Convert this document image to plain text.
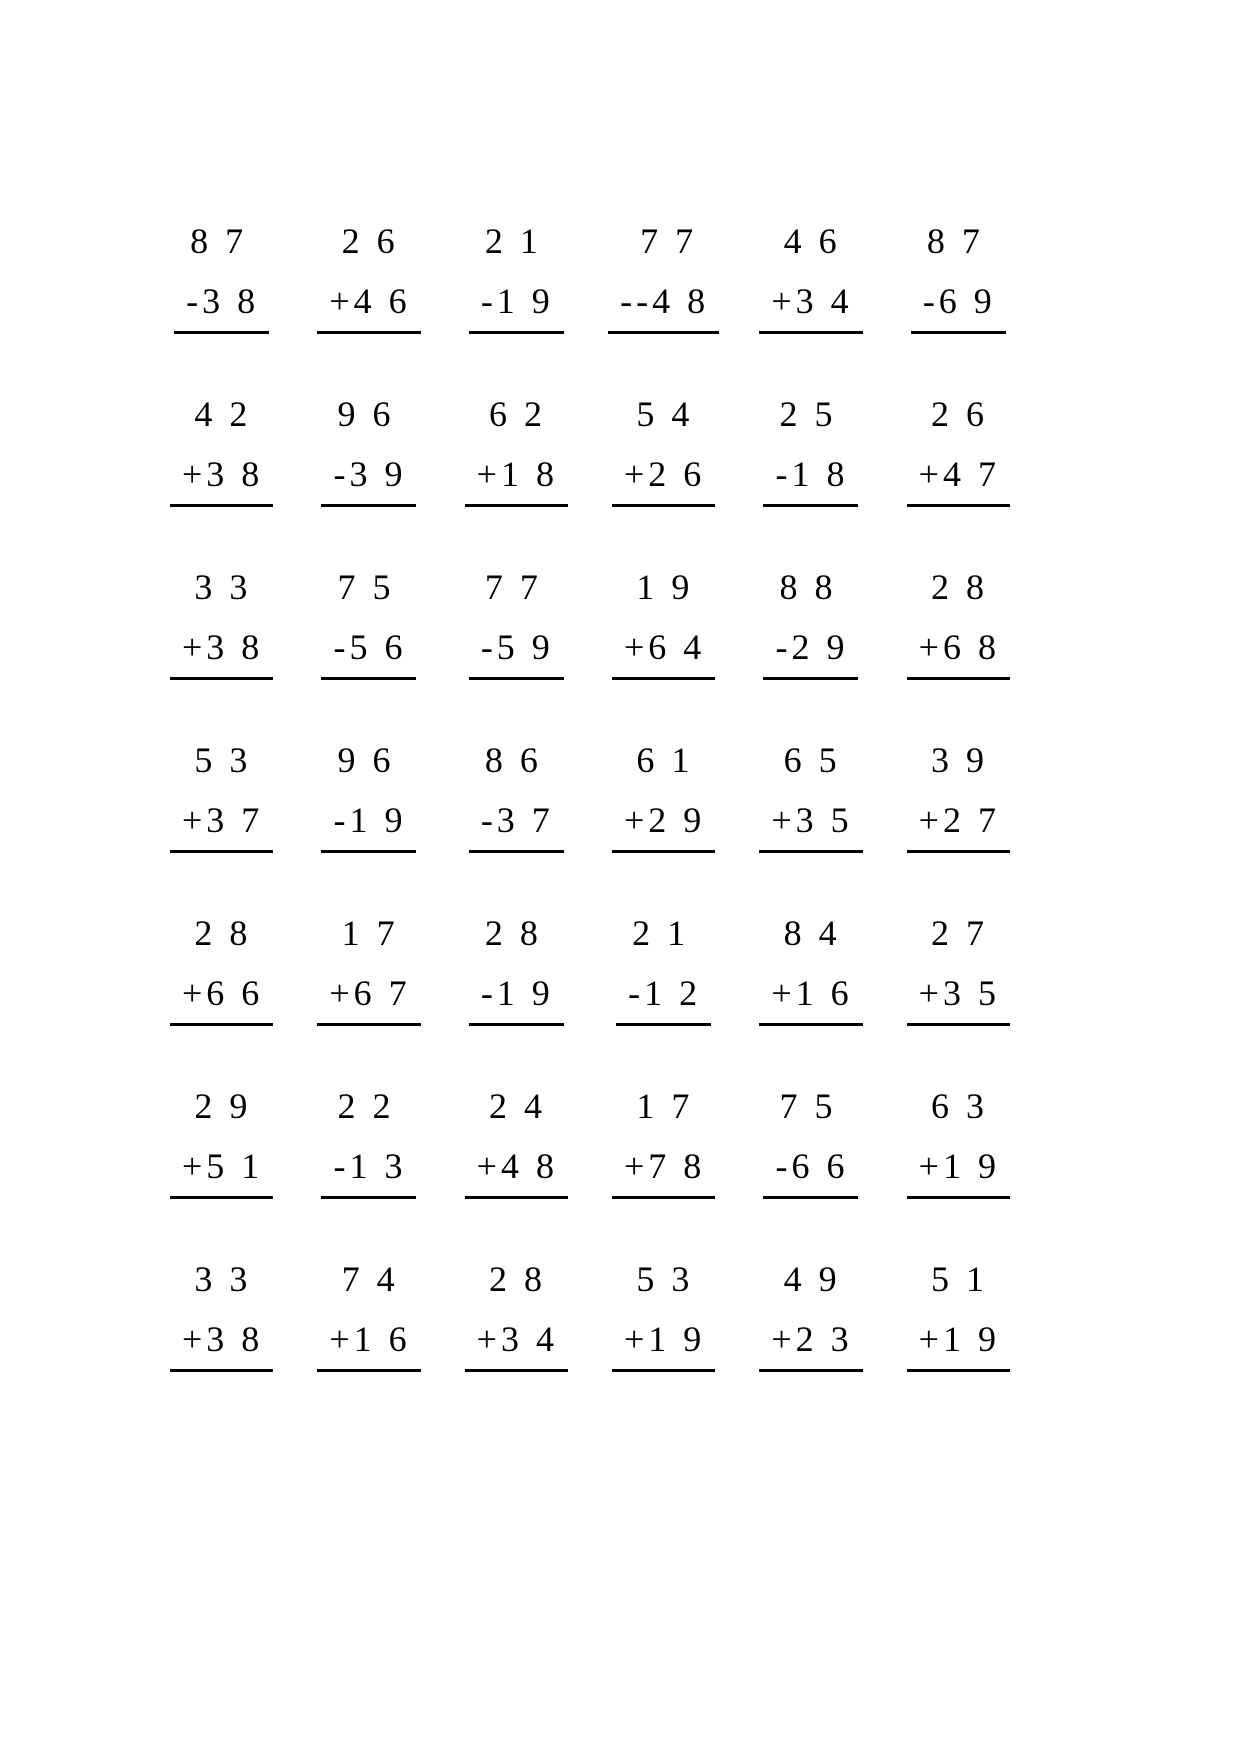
8 7
-3 8
2 6
+4 6
2 1
-1 9
7 7
--4 8
4 6
+3 4
8 7
-6 9
4 2
+3 8
9 6
-3 9
6 2
+1 8
5 4
+2 6
2 5
-1 8
2 6
+4 7
3 3
+3 8
7 5
-5 6
7 7
-5 9
1 9
+6 4
8 8
-2 9
2 8
+6 8
5 3
+3 7
9 6
-1 9
8 6
-3 7
6 1
+2 9
6 5
+3 5
3 9
+2 7
2 8
+6 6
1 7
+6 7
2 8
-1 9
2 1
-1 2
8 4
+1 6
2 7
+3 5
2 9
+5 1
2 2
-1 3
2 4
+4 8
1 7
+7 8
7 5
-6 6
6 3
+1 9
3 3
+3 8
7 4
+1 6
2 8
+3 4
5 3
+1 9
4 9
+2 3
5 1
+1 9
